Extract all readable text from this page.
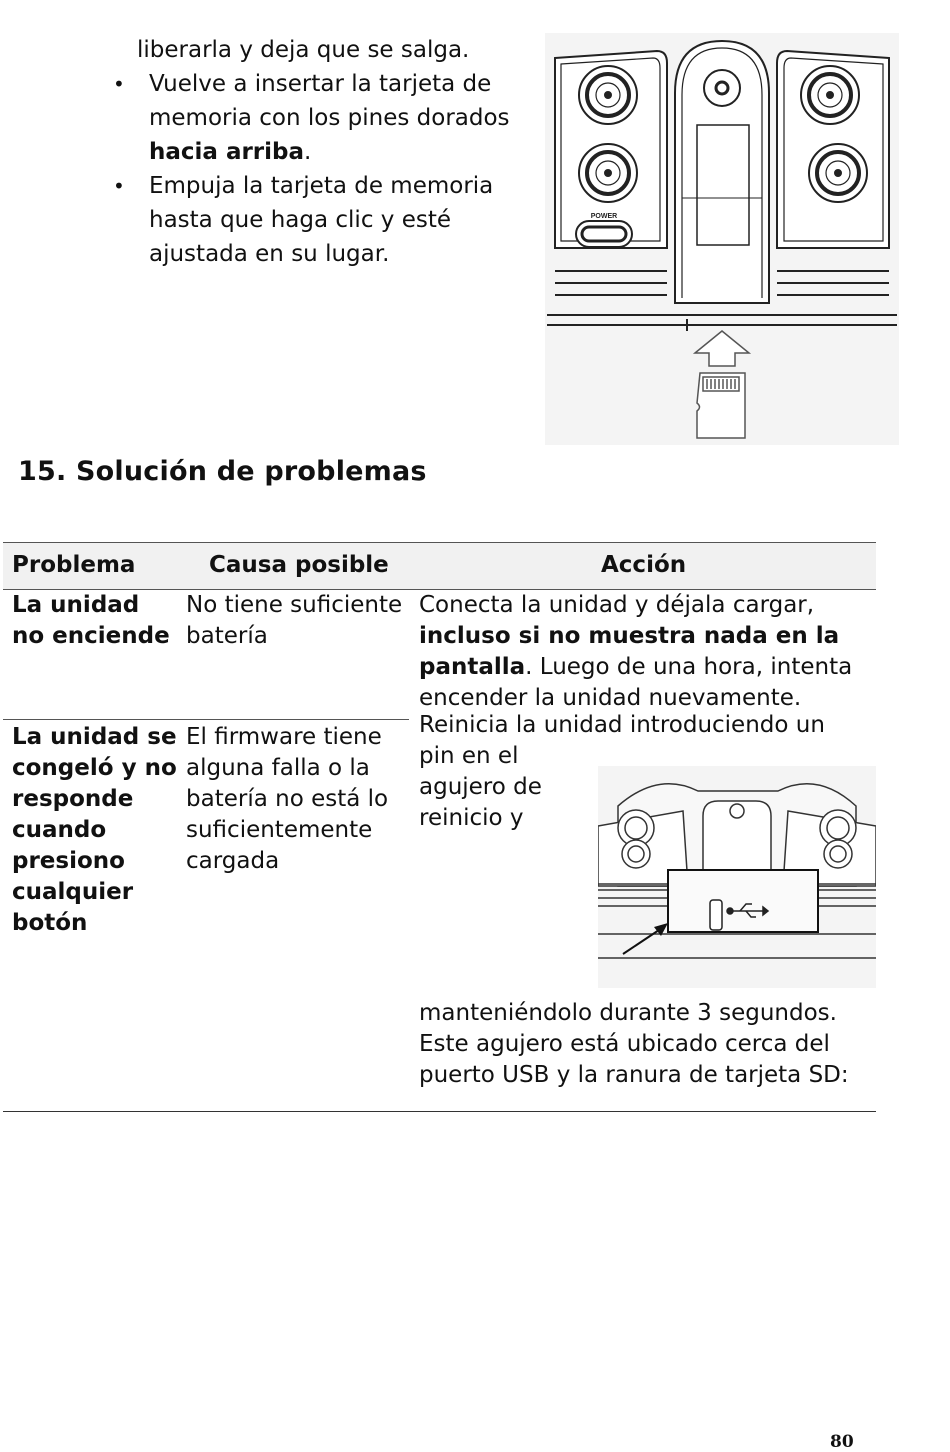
liberarla y deja que se salga.
• Vuelve a insertar la tarjeta de memoria con los pines dorados hacia arriba.
• Empuja la tarjeta de memoria hasta que haga clic y esté ajustada en su lugar.
POWER
15. Solución de problemas
Problema	Causa posible	Acción
La unidad no enciende
No tiene suficiente batería
Conecta la unidad y déjala cargar, incluso si no muestra nada en la pantalla. Luego de una hora, intenta encender la unidad nuevamente.
La unidad se congeló y no responde cuando presiono cualquier botón
El firmware tiene alguna falla o la batería no está lo suficientemente cargada
Reinicia la unidad introduciendo un
pin en el
agujero de
reinicio y
manteniéndolo durante 3 segundos. Este agujero está ubicado cerca del puerto USB y la ranura de tarjeta SD:
80
